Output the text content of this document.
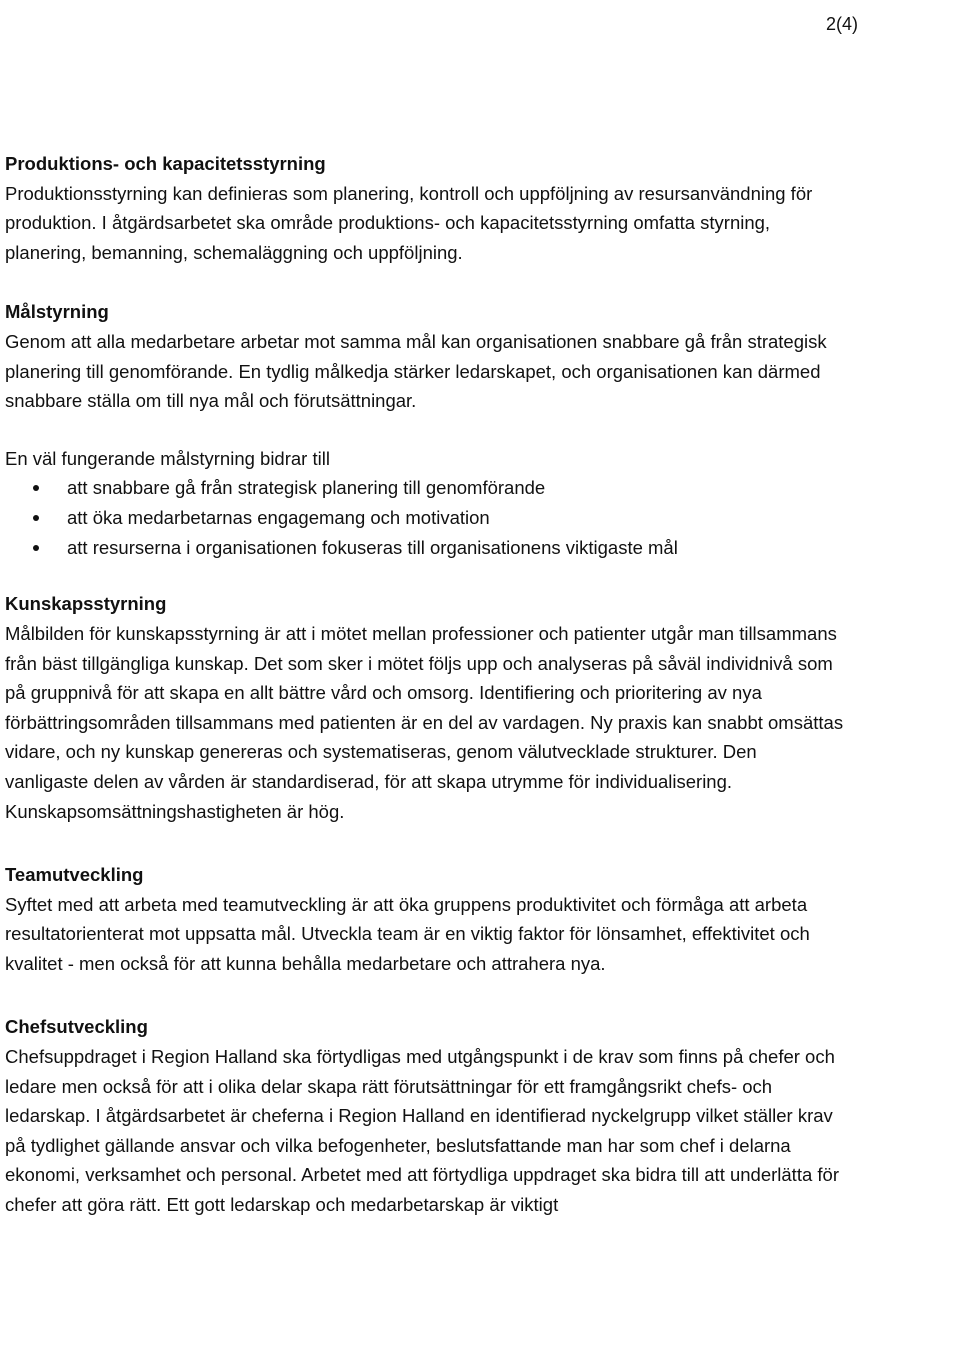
2(4)
Produktions- och kapacitetsstyrning

Produktionsstyrning kan definieras som planering, kontroll och uppföljning av resursanvändning för produktion. I åtgärdsarbetet ska område produktions- och kapacitetsstyrning omfatta styrning, planering, bemanning, schemaläggning och uppföljning.

Målstyrning

Genom att alla medarbetare arbetar mot samma mål kan organisationen snabbare gå från strategisk planering till genomförande. En tydlig målkedja stärker ledarskapet, och organisationen kan därmed snabbare ställa om till nya mål och förutsättningar.

En väl fungerande målstyrning bidrar till

att snabbare gå från strategisk planering till genomförande
att öka medarbetarnas engagemang och motivation
att resurserna i organisationen fokuseras till organisationens viktigaste mål
Kunskapsstyrning

Målbilden för kunskapsstyrning är att i mötet mellan professioner och patienter utgår man tillsammans från bäst tillgängliga kunskap. Det som sker i mötet följs upp och analyseras på såväl individnivå som på gruppnivå för att skapa en allt bättre vård och omsorg. Identifiering och prioritering av nya förbättringsområden tillsammans med patienten är en del av vardagen. Ny praxis kan snabbt omsättas vidare, och ny kunskap genereras och systematiseras, genom välutvecklade strukturer. Den vanligaste delen av vården är standardiserad, för att skapa utrymme för individualisering. Kunskapsomsättningshastigheten är hög.

Teamutveckling

Syftet med att arbeta med teamutveckling är att öka gruppens produktivitet och förmåga att arbeta resultatorienterat mot uppsatta mål. Utveckla team är en viktig faktor för lönsamhet, effektivitet och kvalitet - men också för att kunna behålla medarbetare och attrahera nya.

Chefsutveckling

Chefsuppdraget i Region Halland ska förtydligas med utgångspunkt i de krav som finns på chefer och ledare men också för att i olika delar skapa rätt förutsättningar för ett framgångsrikt chefs- och ledarskap. I åtgärdsarbetet är cheferna i Region Halland en identifierad nyckelgrupp vilket ställer krav på tydlighet gällande ansvar och vilka befogenheter, beslutsfattande man har som chef i delarna ekonomi, verksamhet och personal. Arbetet med att förtydliga uppdraget ska bidra till att underlätta för chefer att göra rätt. Ett gott ledarskap och medarbetarskap är viktigt
